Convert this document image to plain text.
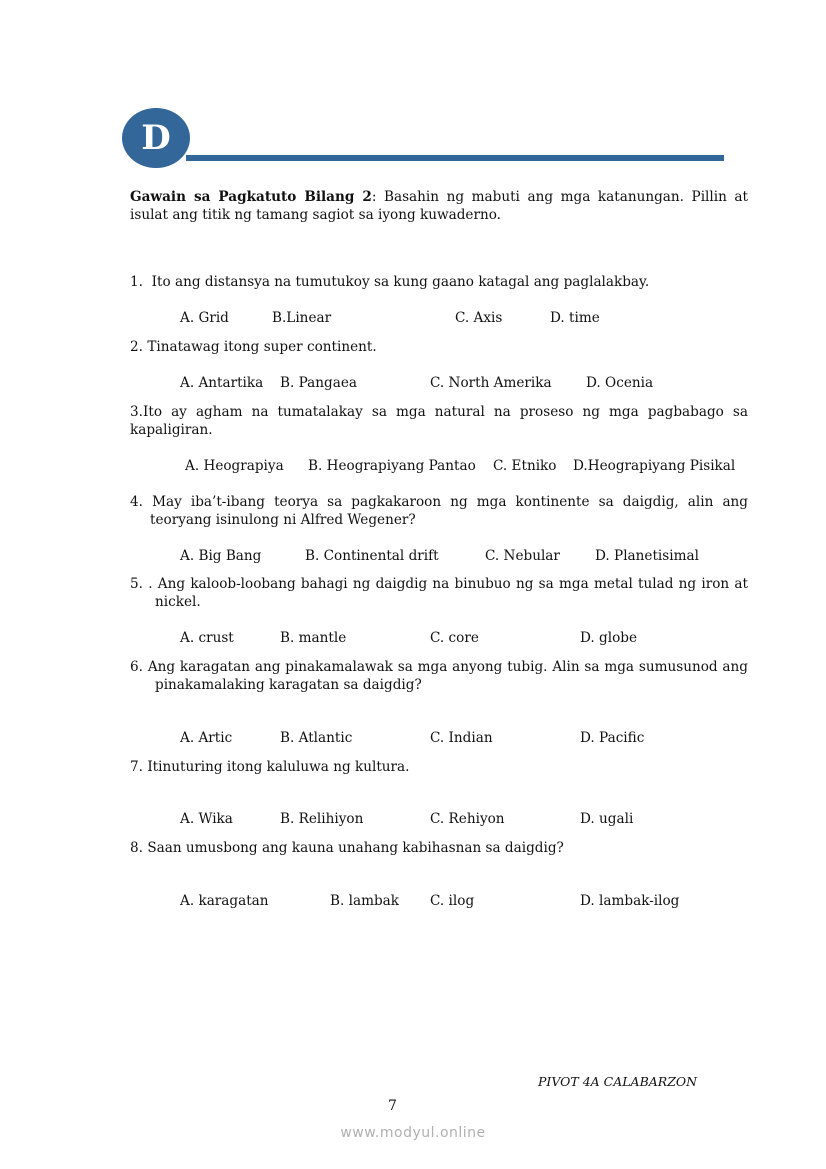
D
Gawain sa Pagkatuto Bilang 2: Basahin ng mabuti ang mga katanungan. Pillin at isulat ang titik ng tamang sagiot sa iyong kuwaderno.
1. Ito ang distansya na tumutukoy sa kung gaano katagal ang paglalakbay.
A. Grid	B.Linear	C. Axis	D. time
2. Tinatawag itong super continent.
A. Antartika B. Pangaea	C. North Amerika	D. Ocenia
3.Ito ay agham na tumatalakay sa mga natural na proseso ng mga pagbabago sa kapaligiran.
A. Heograpiya B. Heograpiyang Pantao C. Etniko D.Heograpiyang Pisikal
4. May iba’t-ibang teorya sa pagkakaroon ng mga kontinente sa daigdig, alin ang teoryang isinulong ni Alfred Wegener?
A. Big Bang	B. Continental drift	C. Nebular	D. Planetisimal
5. . Ang kaloob-loobang bahagi ng daigdig na binubuo ng sa mga metal tulad ng iron at nickel.
A. crust	B. mantle	C. core	D. globe
6. Ang karagatan ang pinakamalawak sa mga anyong tubig. Alin sa mga sumusunod ang pinakamalaking karagatan sa daigdig?
A. Artic	B. Atlantic	C. Indian	D. Pacific
7. Itinuturing itong kaluluwa ng kultura.
A. Wika	B. Relihiyon	C. Rehiyon	D. ugali
8. Saan umusbong ang kauna unahang kabihasnan sa daigdig?
A. karagatan	B. lambak C. ilog	D. lambak-ilog
PIVOT 4A CALABARZON
7
www.modyul.online
